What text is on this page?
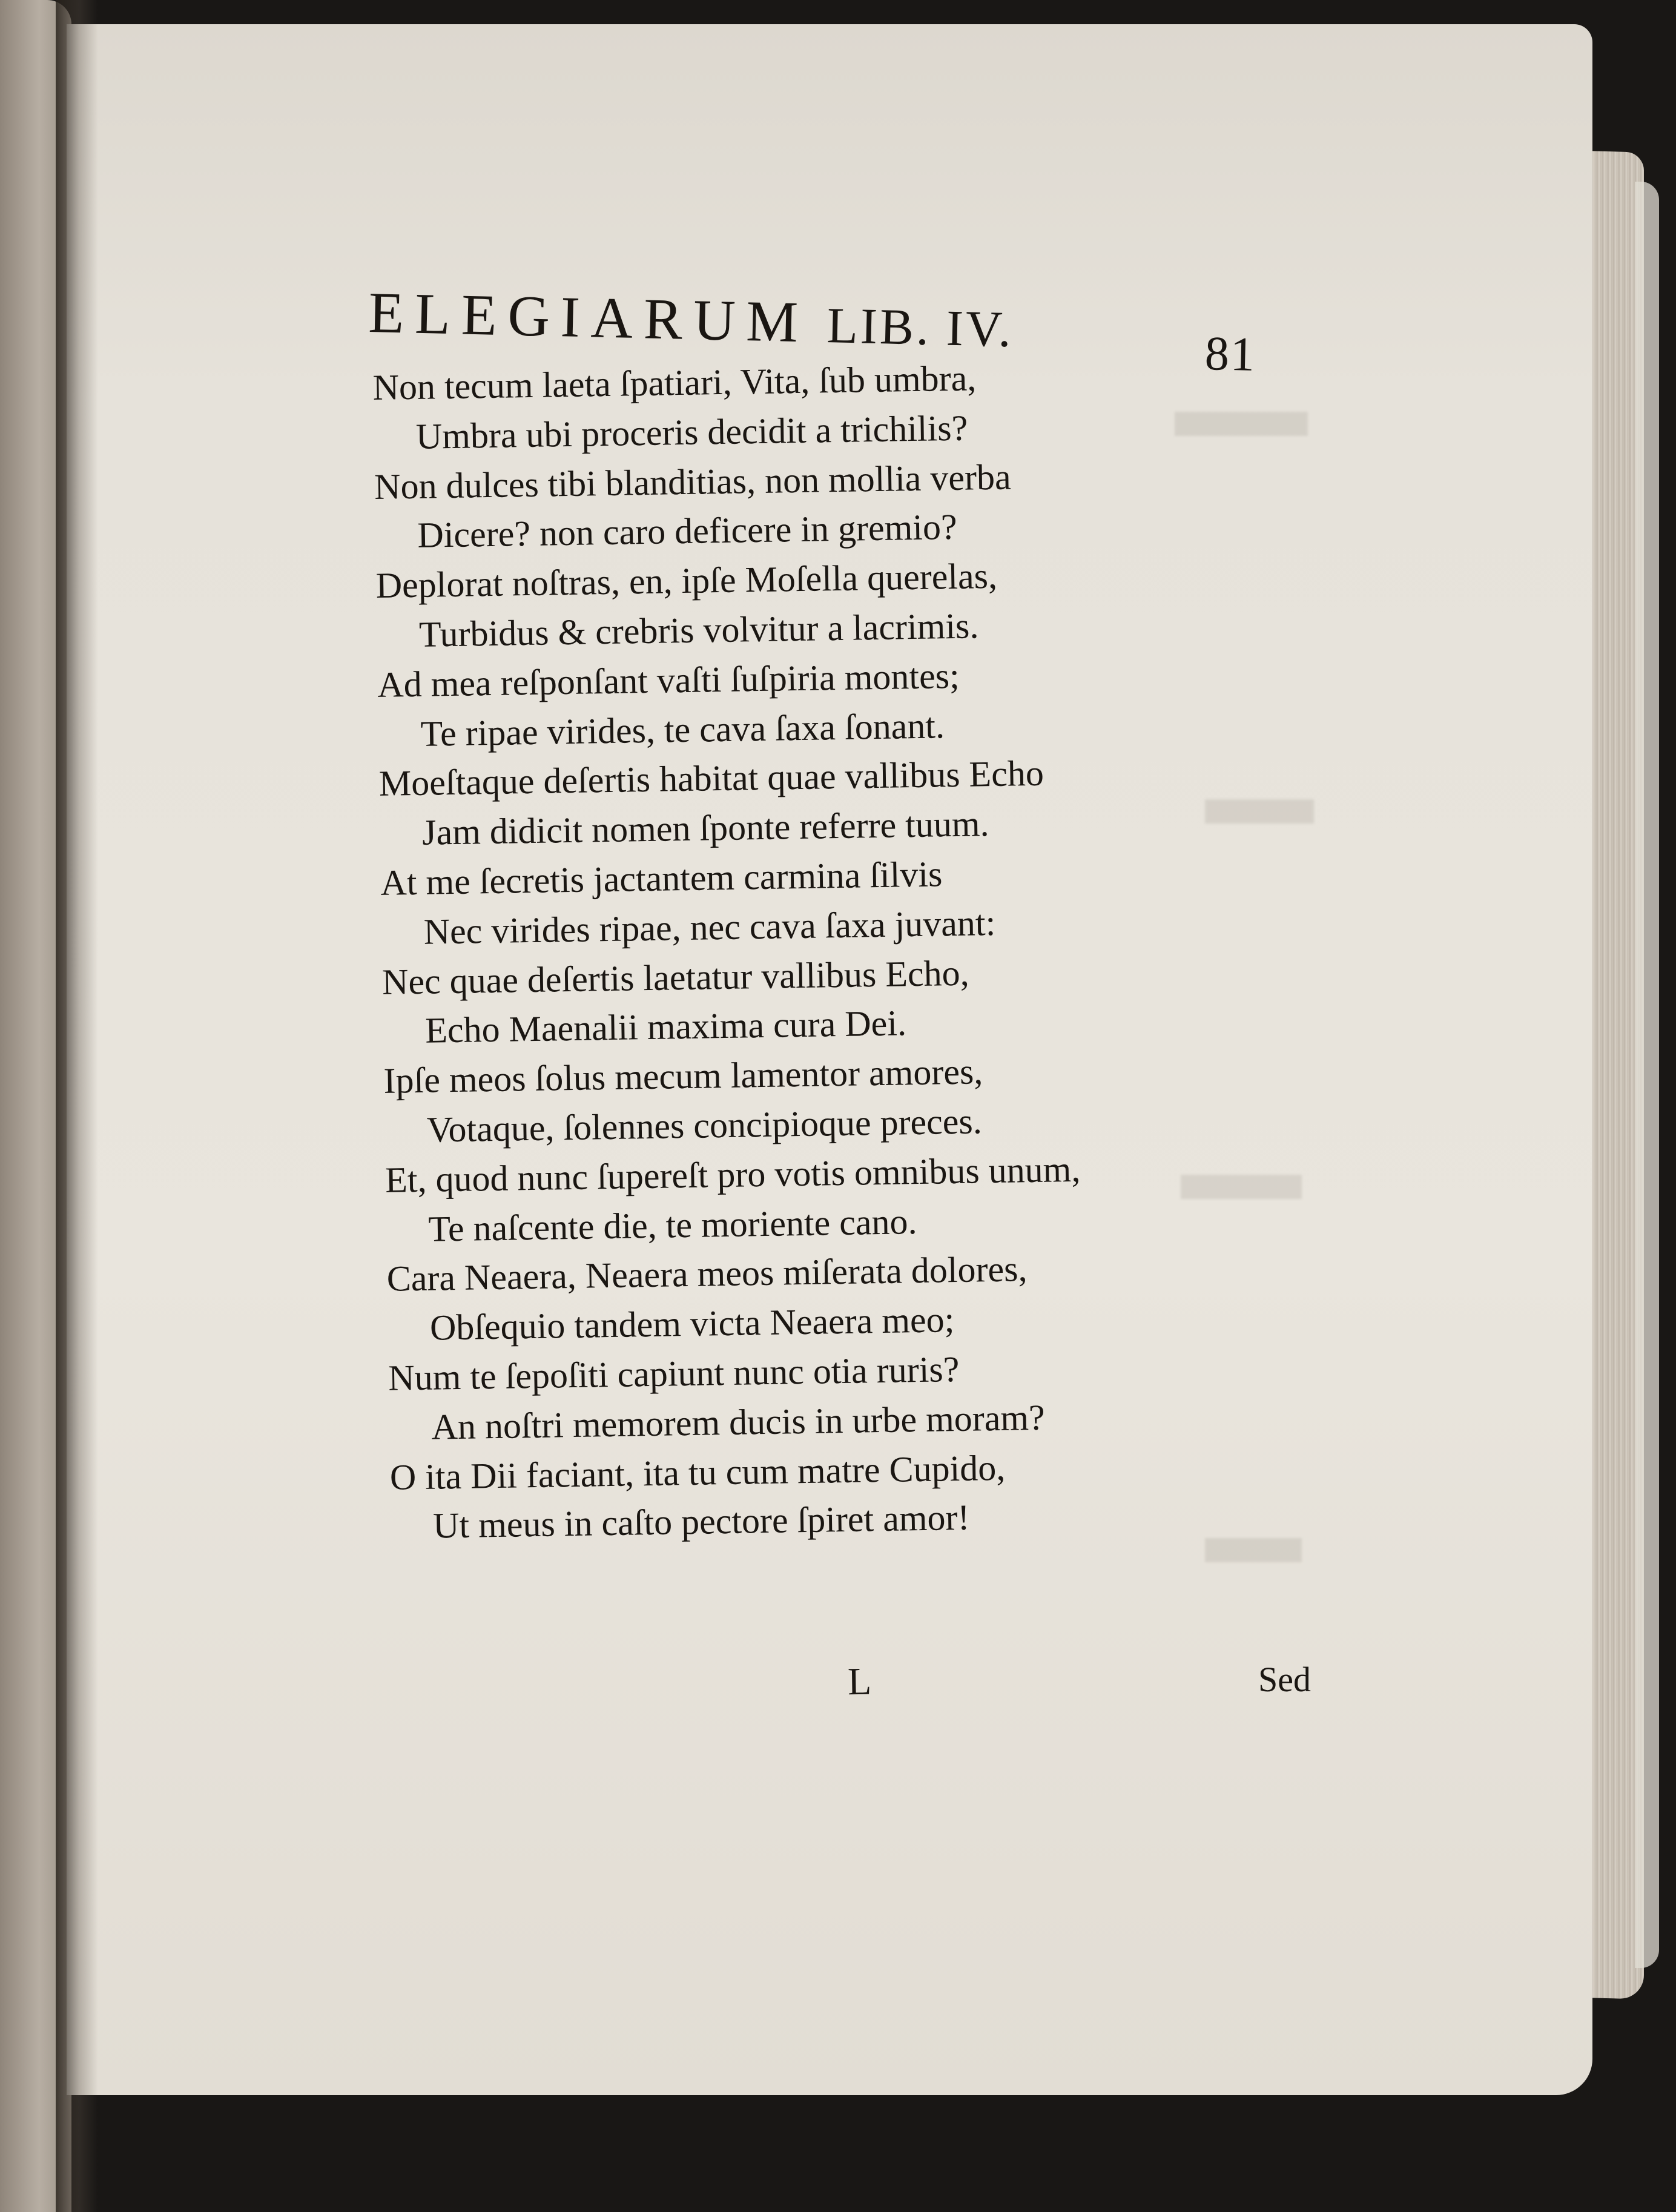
ELEGIARUM LIB. IV.	81
Non tecum laeta ſpatiari, Vita, ſub umbra,
Umbra ubi proceris decidit a trichilis?
Non dulces tibi blanditias, non mollia verba
Dicere? non caro deficere in gremio?
Deplorat noſtras, en, ipſe Moſella querelas,
Turbidus & crebris volvitur a lacrimis.
Ad mea reſponſant vaſti ſuſpiria montes;
Te ripae virides, te cava ſaxa ſonant.
Moeſtaque deſertis habitat quae vallibus Echo
Jam didicit nomen ſponte referre tuum.
At me ſecretis jactantem carmina ſilvis
Nec virides ripae, nec cava ſaxa juvant:
Nec quae deſertis laetatur vallibus Echo,
Echo Maenalii maxima cura Dei.
Ipſe meos ſolus mecum lamentor amores,
Votaque, ſolennes concipioque preces.
Et, quod nunc ſupereſt pro votis omnibus unum,
Te naſcente die, te moriente cano.
Cara Neaera, Neaera meos miſerata dolores,
Obſequio tandem victa Neaera meo;
Num te ſepoſiti capiunt nunc otia ruris?
An noſtri memorem ducis in urbe moram?
O ita Dii faciant, ita tu cum matre Cupido,
Ut meus in caſto pectore ſpiret amor!
L	Sed
